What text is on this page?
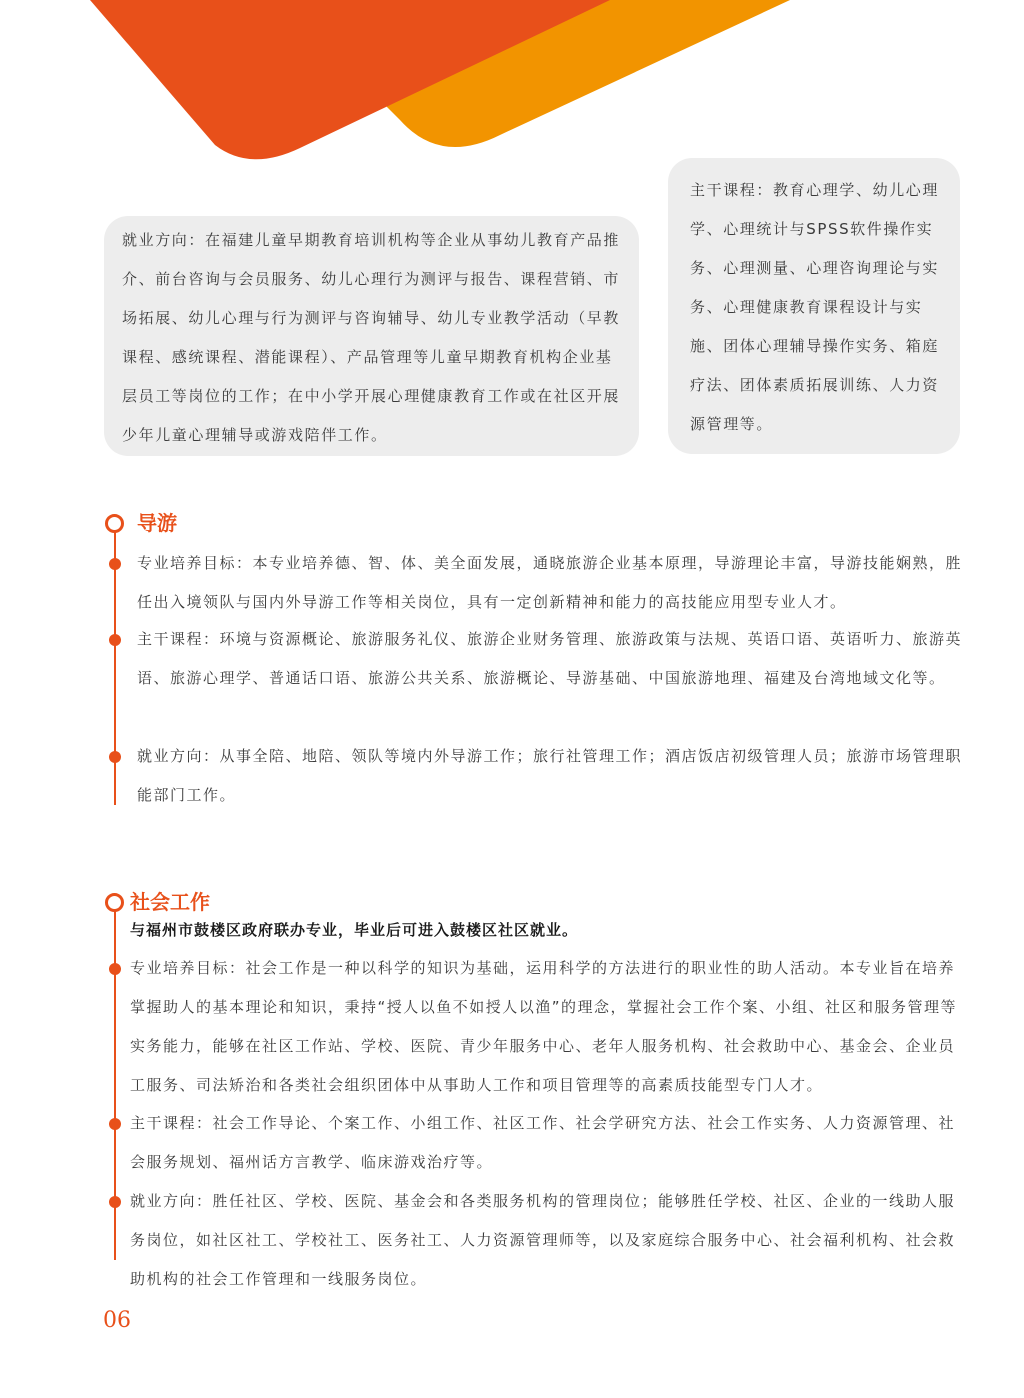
就业方向：在福建儿童早期教育培训机构等企业从事幼儿教育产品推介、前台咨询与会员服务、幼儿心理行为测评与报告、课程营销、市场拓展、幼儿心理与行为测评与咨询辅导、幼儿专业教学活动（早教课程、感统课程、潜能课程）、产品管理等儿童早期教育机构企业基层员工等岗位的工作；在中小学开展心理健康教育工作或在社区开展少年儿童心理辅导或游戏陪伴工作。

主干课程：教育心理学、幼儿心理学、心理统计与SPSS软件操作实务、心理测量、心理咨询理论与实务、心理健康教育课程设计与实施、团体心理辅导操作实务、箱庭疗法、团体素质拓展训练、人力资源管理等。

导游

专业培养目标：本专业培养德、智、体、美全面发展，通晓旅游企业基本原理，导游理论丰富，导游技能娴熟，胜任出入境领队与国内外导游工作等相关岗位，具有一定创新精神和能力的高技能应用型专业人才。

主干课程：环境与资源概论、旅游服务礼仪、旅游企业财务管理、旅游政策与法规、英语口语、英语听力、旅游英语、旅游心理学、普通话口语、旅游公共关系、旅游概论、导游基础、中国旅游地理、福建及台湾地域文化等。

就业方向：从事全陪、地陪、领队等境内外导游工作；旅行社管理工作；酒店饭店初级管理人员；旅游市场管理职能部门工作。

社会工作
与福州市鼓楼区政府联办专业，毕业后可进入鼓楼区社区就业。

专业培养目标：社会工作是一种以科学的知识为基础，运用科学的方法进行的职业性的助人活动。本专业旨在培养掌握助人的基本理论和知识，秉持“授人以鱼不如授人以渔”的理念，掌握社会工作个案、小组、社区和服务管理等实务能力，能够在社区工作站、学校、医院、青少年服务中心、老年人服务机构、社会救助中心、基金会、企业员工服务、司法矫治和各类社会组织团体中从事助人工作和项目管理等的高素质技能型专门人才。

主干课程：社会工作导论、个案工作、小组工作、社区工作、社会学研究方法、社会工作实务、人力资源管理、社会服务规划、福州话方言教学、临床游戏治疗等。

就业方向：胜任社区、学校、医院、基金会和各类服务机构的管理岗位；能够胜任学校、社区、企业的一线助人服务岗位，如社区社工、学校社工、医务社工、人力资源管理师等，以及家庭综合服务中心、社会福利机构、社会救助机构的社会工作管理和一线服务岗位。

06
